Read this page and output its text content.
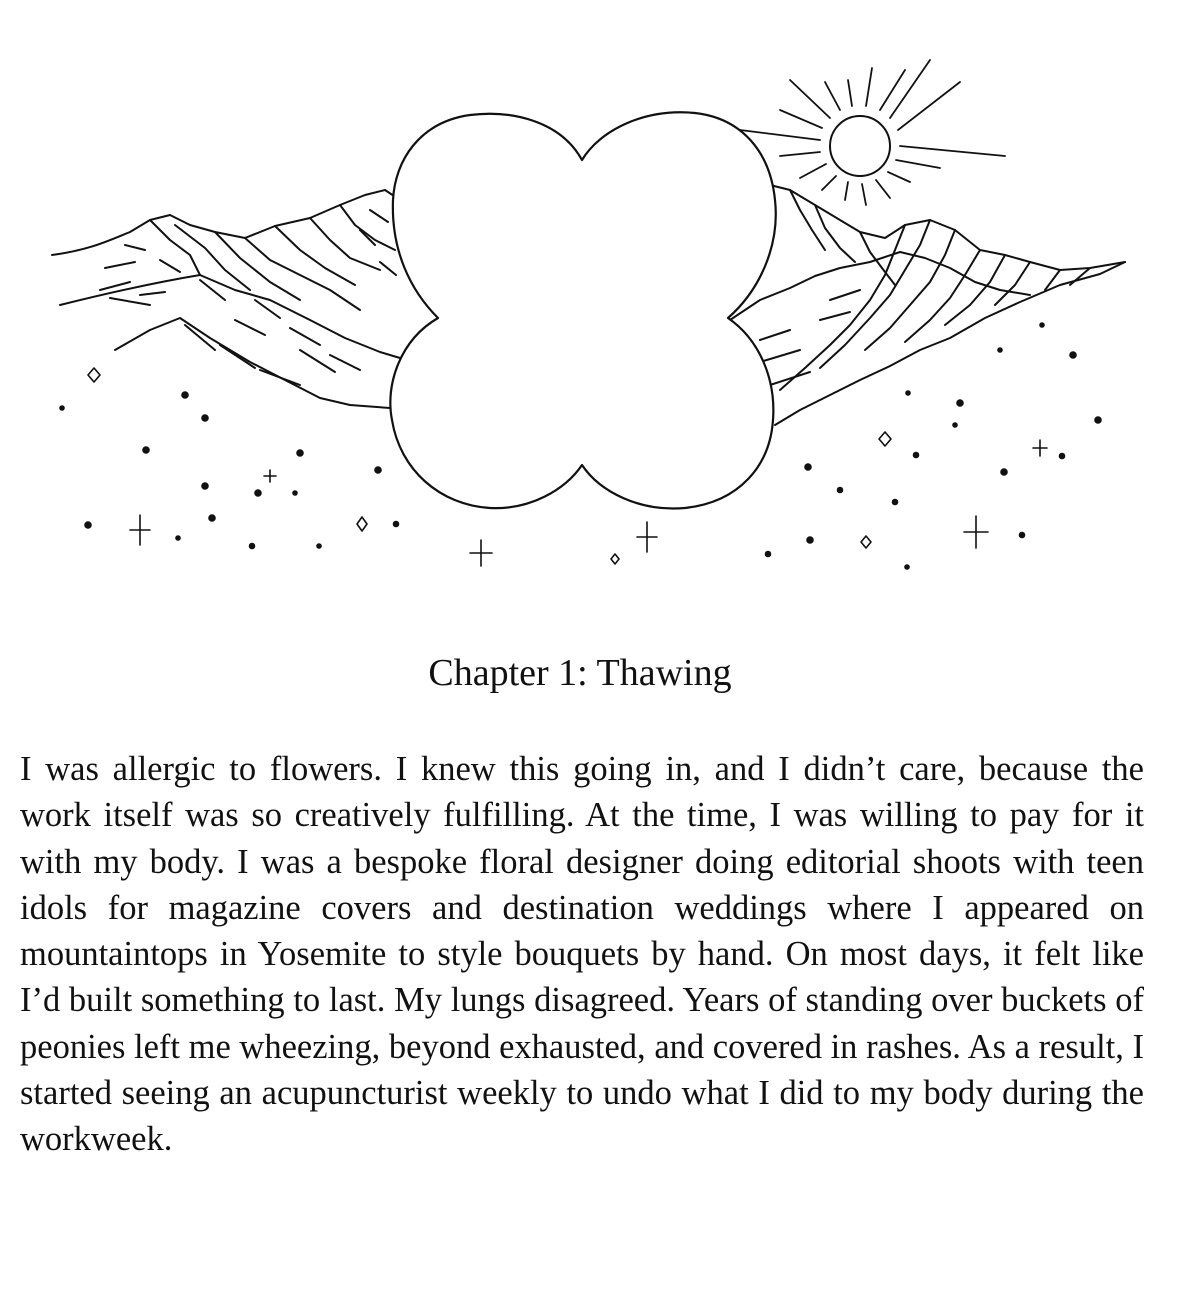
Chapter 1: Thawing

I was allergic to flowers. I knew this going in, and I didn’t care, because the work itself was so creatively fulfilling. At the time, I was willing to pay for it with my body. I was a bespoke floral designer doing editorial shoots with teen idols for magazine covers and destination weddings where I appeared on mountaintops in Yosemite to style bouquets by hand. On most days, it felt like I’d built something to last. My lungs disagreed. Years of standing over buckets of peonies left me wheezing, beyond exhausted, and covered in rashes. As a result, I started seeing an acupuncturist weekly to undo what I did to my body during the workweek.
